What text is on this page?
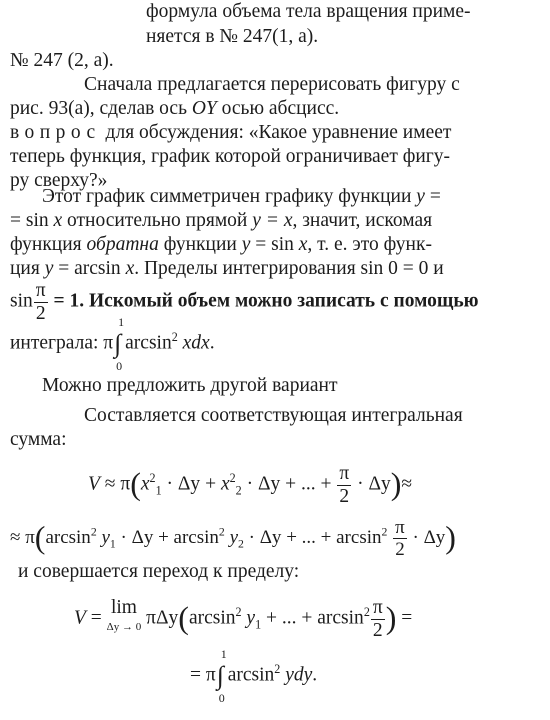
формула объема тела вращения приме-
няется в № 247(1, а).
№ 247 (2, а).
Сначала предлагается перерисовать фигуру с
рис. 93(а), сделав ось OY осью абсцисс.
вопрос для обсуждения: «Какое уравнение имеет
теперь функция, график которой ограничивает фигу-
ру сверху?»
Этот график симметричен графику функции y =
= sin x относительно прямой y = x, значит, искомая
функция обратна функции y = sin x, т. е. это функ-
ция y = arcsin x. Пределы интегрирования sin 0 = 0 и
$\sin \frac{\pi}{2} = 1$. Искомый объем можно записать с помощью
интеграла: π ∫
1
0
$\arcsin^2$ xdx.
Можно предложить другой вариант
Составляется соответствующая интегральная
сумма:
$V \approx \pi(x^2_1 \cdot \Delta y + x^2_2 \cdot \Delta y$ + ... + $\frac{\pi}{2} \cdot \Delta y)\approx$
≈ $\pi(\arcsin^2$ $y_1 \cdot \Delta y + \arcsin^2 y_2 \cdot \Delta y$ + ... + $\arcsin^2 \frac{\pi}{2} \cdot \Delta y$)
и совершается переход к пределу:
V = lim
Δy → 0 $\pi\Delta y(\arcsin^2$ $y_1$ + ... + $\arcsin^2 \frac{\pi}{2}$ ) =
= π ∫
1
0
$\arcsin^2$ ydy.
